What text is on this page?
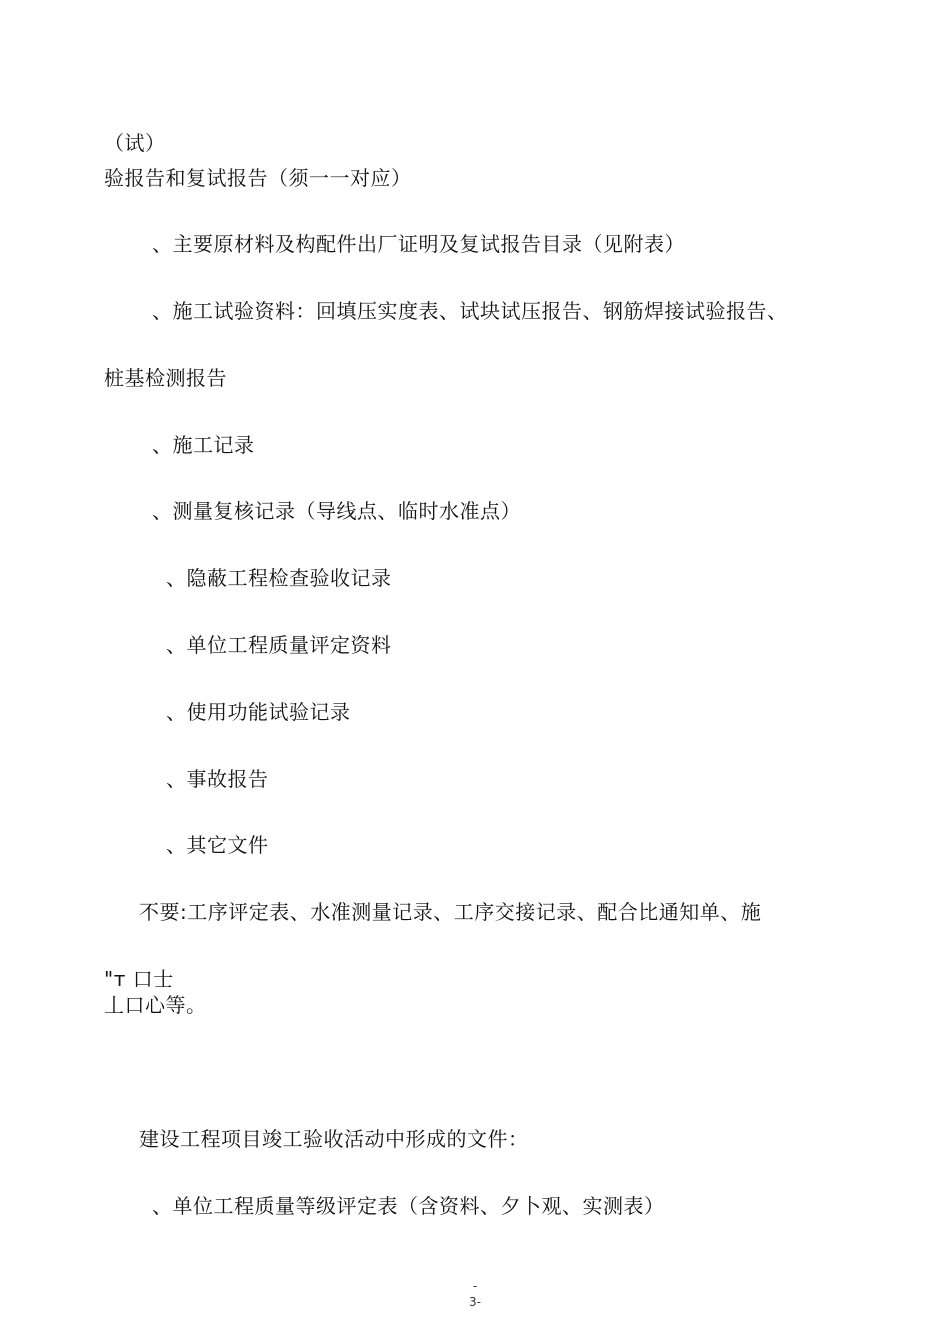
（试）
验报告和复试报告（须一一对应）
、主要原材料及构配件出厂证明及复试报告目录（见附表）
、施工试验资料：回填压实度表、试块试压报告、钢筋焊接试验报告、
桩基检测报告
、施工记录
、测量复核记录（导线点、临时水准点）
、隐蔽工程检查验收记录
、单位工程质量评定资料
、使用功能试验记录
、事故报告
、其它文件
不要:工序评定表、水准测量记录、工序交接记录、配合比通知单、施
"т 口士
丄口心等。
建设工程项目竣工验收活动中形成的文件：
、单位工程质量等级评定表（含资料、夕卜观、实测表）
-
3-
